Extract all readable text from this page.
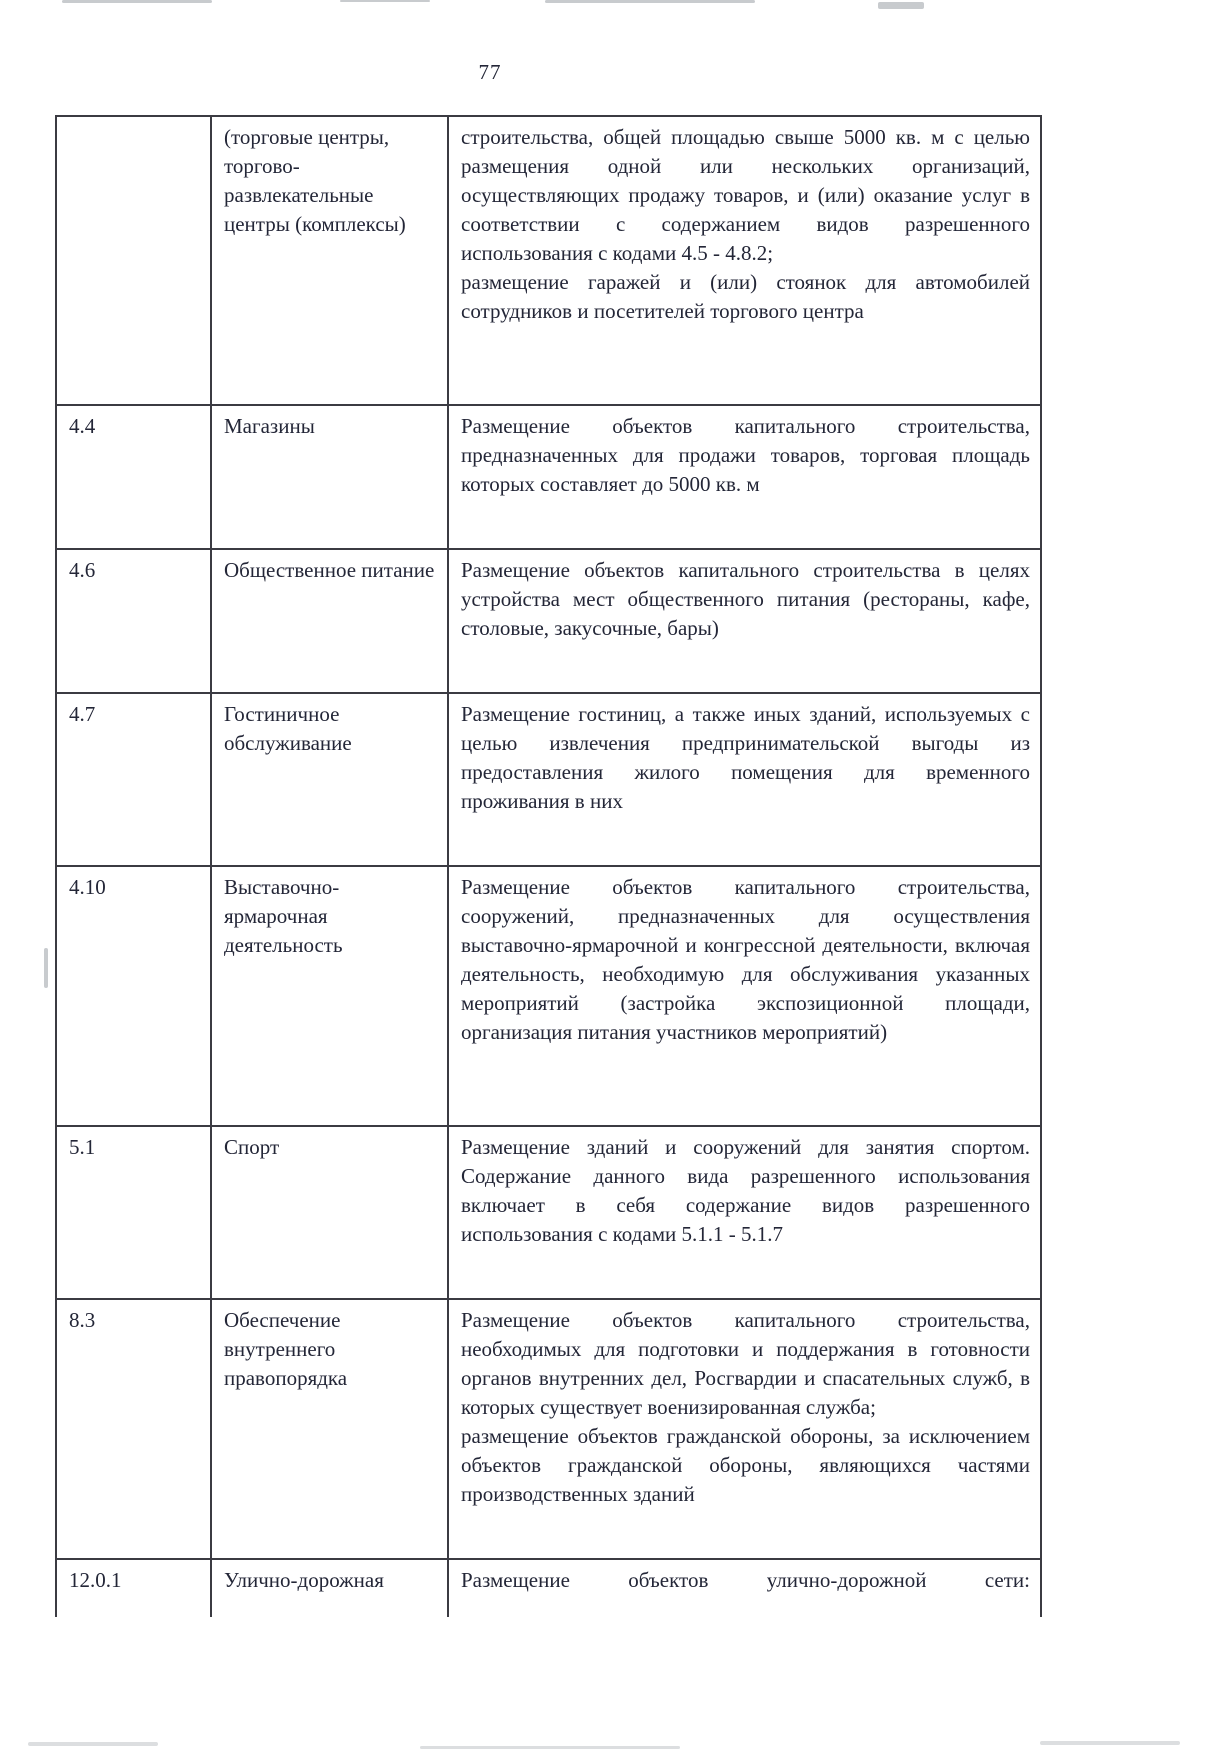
77
	(торговые центры, торгово-развлекательные центры (комплексы)	строительства, общей площадью свыше 5000 кв. м с целью размещения одной или нескольких организаций, осуществляющих продажу товаров, и (или) оказание услуг в соответствии с содержанием видов разрешенного использования с кодами 4.5 - 4.8.2;

размещение гаражей и (или) стоянок для автомобилей сотрудников и посетителей торгового центра

4.4	Магазины	Размещение объектов капитального строительства, предназначенных для продажи товаров, торговая площадь которых составляет до 5000 кв. м

4.6	Общественное питание	Размещение объектов капитального строительства в целях устройства мест общественного питания (рестораны, кафе, столовые, закусочные, бары)

4.7	Гостиничное обслуживание	Размещение гостиниц, а также иных зданий, используемых с целью извлечения предпринимательской выгоды из предоставления жилого помещения для временного проживания в них

4.10	Выставочно-ярмарочная деятельность	Размещение объектов капитального строительства, сооружений, предназначенных для осуществления выставочно-ярмарочной и конгрессной деятельности, включая деятельность, необходимую для обслуживания указанных мероприятий (застройка экспозиционной площади, организация питания участников мероприятий)

5.1	Спорт	Размещение зданий и сооружений для занятия спортом. Содержание данного вида разрешенного использования включает в себя содержание видов разрешенного использования с кодами 5.1.1 - 5.1.7

8.3	Обеспечение внутреннего правопорядка	Размещение объектов капитального строительства, необходимых для подготовки и поддержания в готовности органов внутренних дел, Росгвардии и спасательных служб, в которых существует военизированная служба;

размещение объектов гражданской обороны, за исключением объектов гражданской обороны, являющихся частями производственных зданий

12.0.1	Улично-дорожная	Размещение объектов улично-дорожной сети:
